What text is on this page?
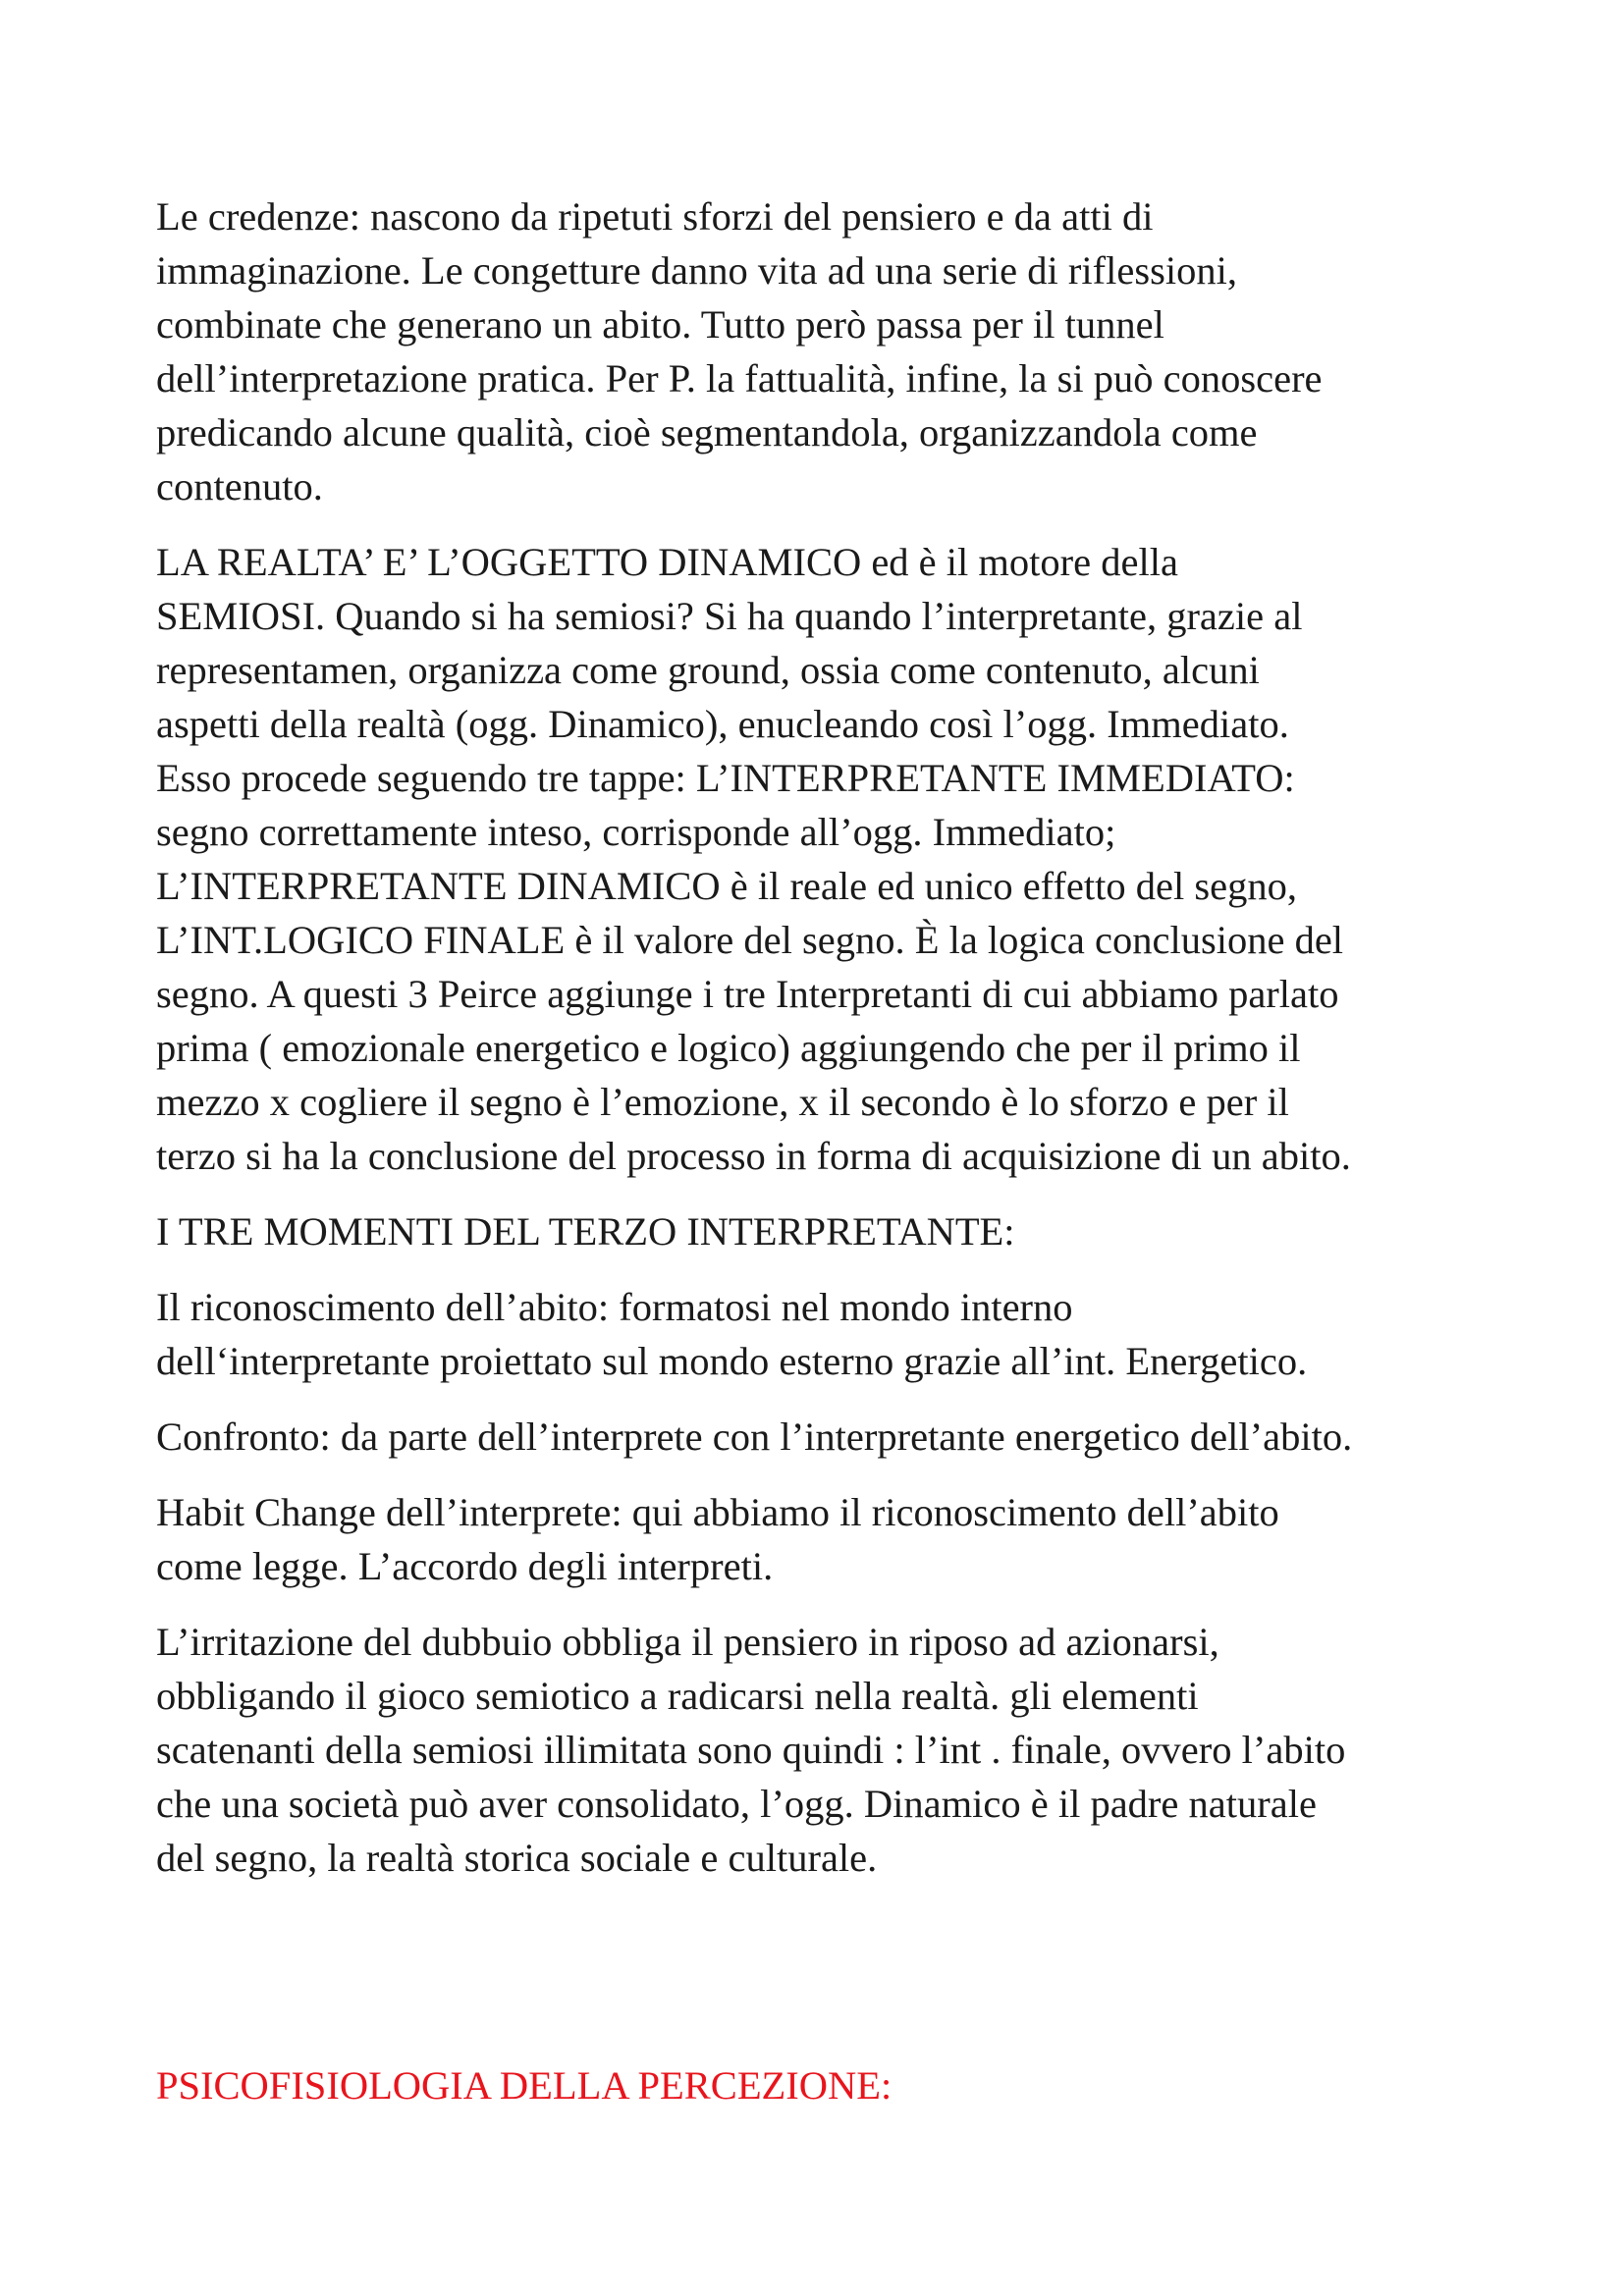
Le credenze: nascono da ripetuti sforzi del pensiero e da atti di
immaginazione. Le congetture danno vita ad una serie di riflessioni,
combinate che generano un abito. Tutto però passa per il tunnel
dell’interpretazione pratica. Per P. la fattualità, infine, la si può conoscere
predicando alcune qualità, cioè segmentandola, organizzandola come
contenuto.

LA REALTA’ E’ L’OGGETTO DINAMICO ed è il motore della
SEMIOSI. Quando si ha semiosi? Si ha quando l’interpretante, grazie al
representamen, organizza come ground, ossia come contenuto, alcuni
aspetti della realtà (ogg. Dinamico), enucleando così l’ogg. Immediato.
Esso procede seguendo tre tappe: L’INTERPRETANTE IMMEDIATO:
segno correttamente inteso, corrisponde all’ogg. Immediato;
L’INTERPRETANTE DINAMICO è il reale ed unico effetto del segno,
L’INT.LOGICO FINALE è il valore del segno. È la logica conclusione del
segno. A questi 3 Peirce aggiunge i tre Interpretanti di cui abbiamo parlato
prima ( emozionale energetico e logico) aggiungendo che per il primo il
mezzo x cogliere il segno è l’emozione, x il secondo è lo sforzo e per il
terzo si ha la conclusione del processo in forma di acquisizione di un abito.

I TRE MOMENTI DEL TERZO INTERPRETANTE:

Il riconoscimento dell’abito: formatosi nel mondo interno
dell‘interpretante proiettato sul mondo esterno grazie all’int. Energetico.

Confronto: da parte dell’interprete con l’interpretante energetico dell’abito.

Habit Change dell’interprete: qui abbiamo il riconoscimento dell’abito
come legge. L’accordo degli interpreti.

L’irritazione del dubbuio obbliga il pensiero in riposo ad azionarsi,
obbligando il gioco semiotico a radicarsi nella realtà. gli elementi
scatenanti della semiosi illimitata sono quindi : l’int . finale, ovvero l’abito
che una società può aver consolidato, l’ogg. Dinamico è il padre naturale
del segno, la realtà storica sociale e culturale.

PSICOFISIOLOGIA DELLA PERCEZIONE:
